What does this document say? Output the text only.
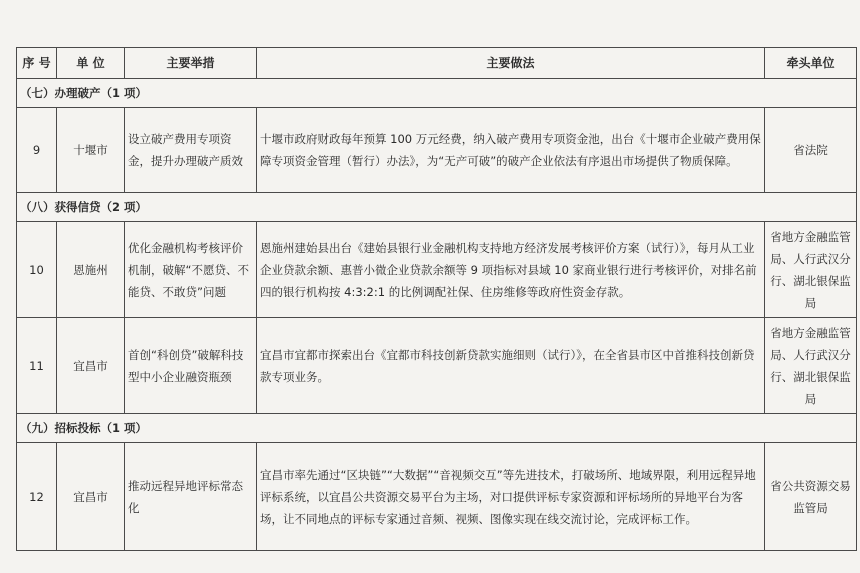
序 号	单 位	主要举措	主要做法	牵头单位
（七）办理破产（1 项）				
9	十堰市	设立破产费用专项资金，提升办理破产质效	十堰市政府财政每年预算 100 万元经费，纳入破产费用专项资金池，出台《十堰市企业破产费用保障专项资金管理（暂行）办法》，为“无产可破”的破产企业依法有序退出市场提供了物质保障。	省法院
（八）获得信贷（2 项）				
10	恩施州	优化金融机构考核评价机制，破解“不愿贷、不能贷、不敢贷”问题	恩施州建始县出台《建始县银行业金融机构支持地方经济发展考核评价方案（试行）》，每月从工业企业贷款余额、惠普小微企业贷款余额等 9 项指标对县域 10 家商业银行进行考核评价，对排名前四的银行机构按 4:3:2:1 的比例调配社保、住房维修等政府性资金存款。	省地方金融监管局、人行武汉分行、湖北银保监局
11	宜昌市	首创“科创贷”破解科技型中小企业融资瓶颈	宜昌市宜都市探索出台《宜都市科技创新贷款实施细则（试行）》，在全省县市区中首推科技创新贷款专项业务。	省地方金融监管局、人行武汉分行、湖北银保监局
（九）招标投标（1 项）				
12	宜昌市	推动远程异地评标常态化	宜昌市率先通过“区块链”“大数据”“音视频交互”等先进技术，打破场所、地域界限，利用远程异地评标系统，以宜昌公共资源交易平台为主场，对口提供评标专家资源和评标场所的异地平台为客场，让不同地点的评标专家通过音频、视频、图像实现在线交流讨论，完成评标工作。	省公共资源交易监管局
